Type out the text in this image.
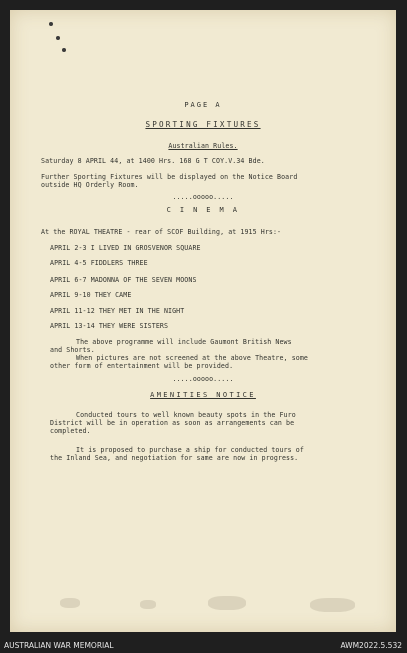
PAGE A
SPORTING FIXTURES
Australian Rules.
Saturday 8 APRIL 44, at 1400 Hrs. 168 G T COY.V.34 Bde.
Further Sporting Fixtures will be displayed on the Notice Board
outside HQ Orderly Room.
.....ooooo.....
C I N E M A
At the ROYAL THEATRE - rear of SCOF Building, at 1915 Hrs:-
APRIL 2-3 I LIVED IN GROSVENOR SQUARE
APRIL 4-5 FIDDLERS THREE
APRIL 6-7 MADONNA OF THE SEVEN MOONS
APRIL 9-10 THEY CAME
APRIL 11-12 THEY MET IN THE NIGHT
APRIL 13-14 THEY WERE SISTERS
The above programme will include Gaumont British News
and Shorts.
When pictures are not screened at the above Theatre, some
other form of entertainment will be provided.
.....ooooo.....
AMENITIES NOTICE
Conducted tours to well known beauty spots in the Furo
District will be in operation as soon as arrangements can be
completed.
It is proposed to purchase a ship for conducted tours of
the Inland Sea, and negotiation for same are now in progress.
AUSTRALIAN WAR MEMORIAL	AWM2022.5.532
